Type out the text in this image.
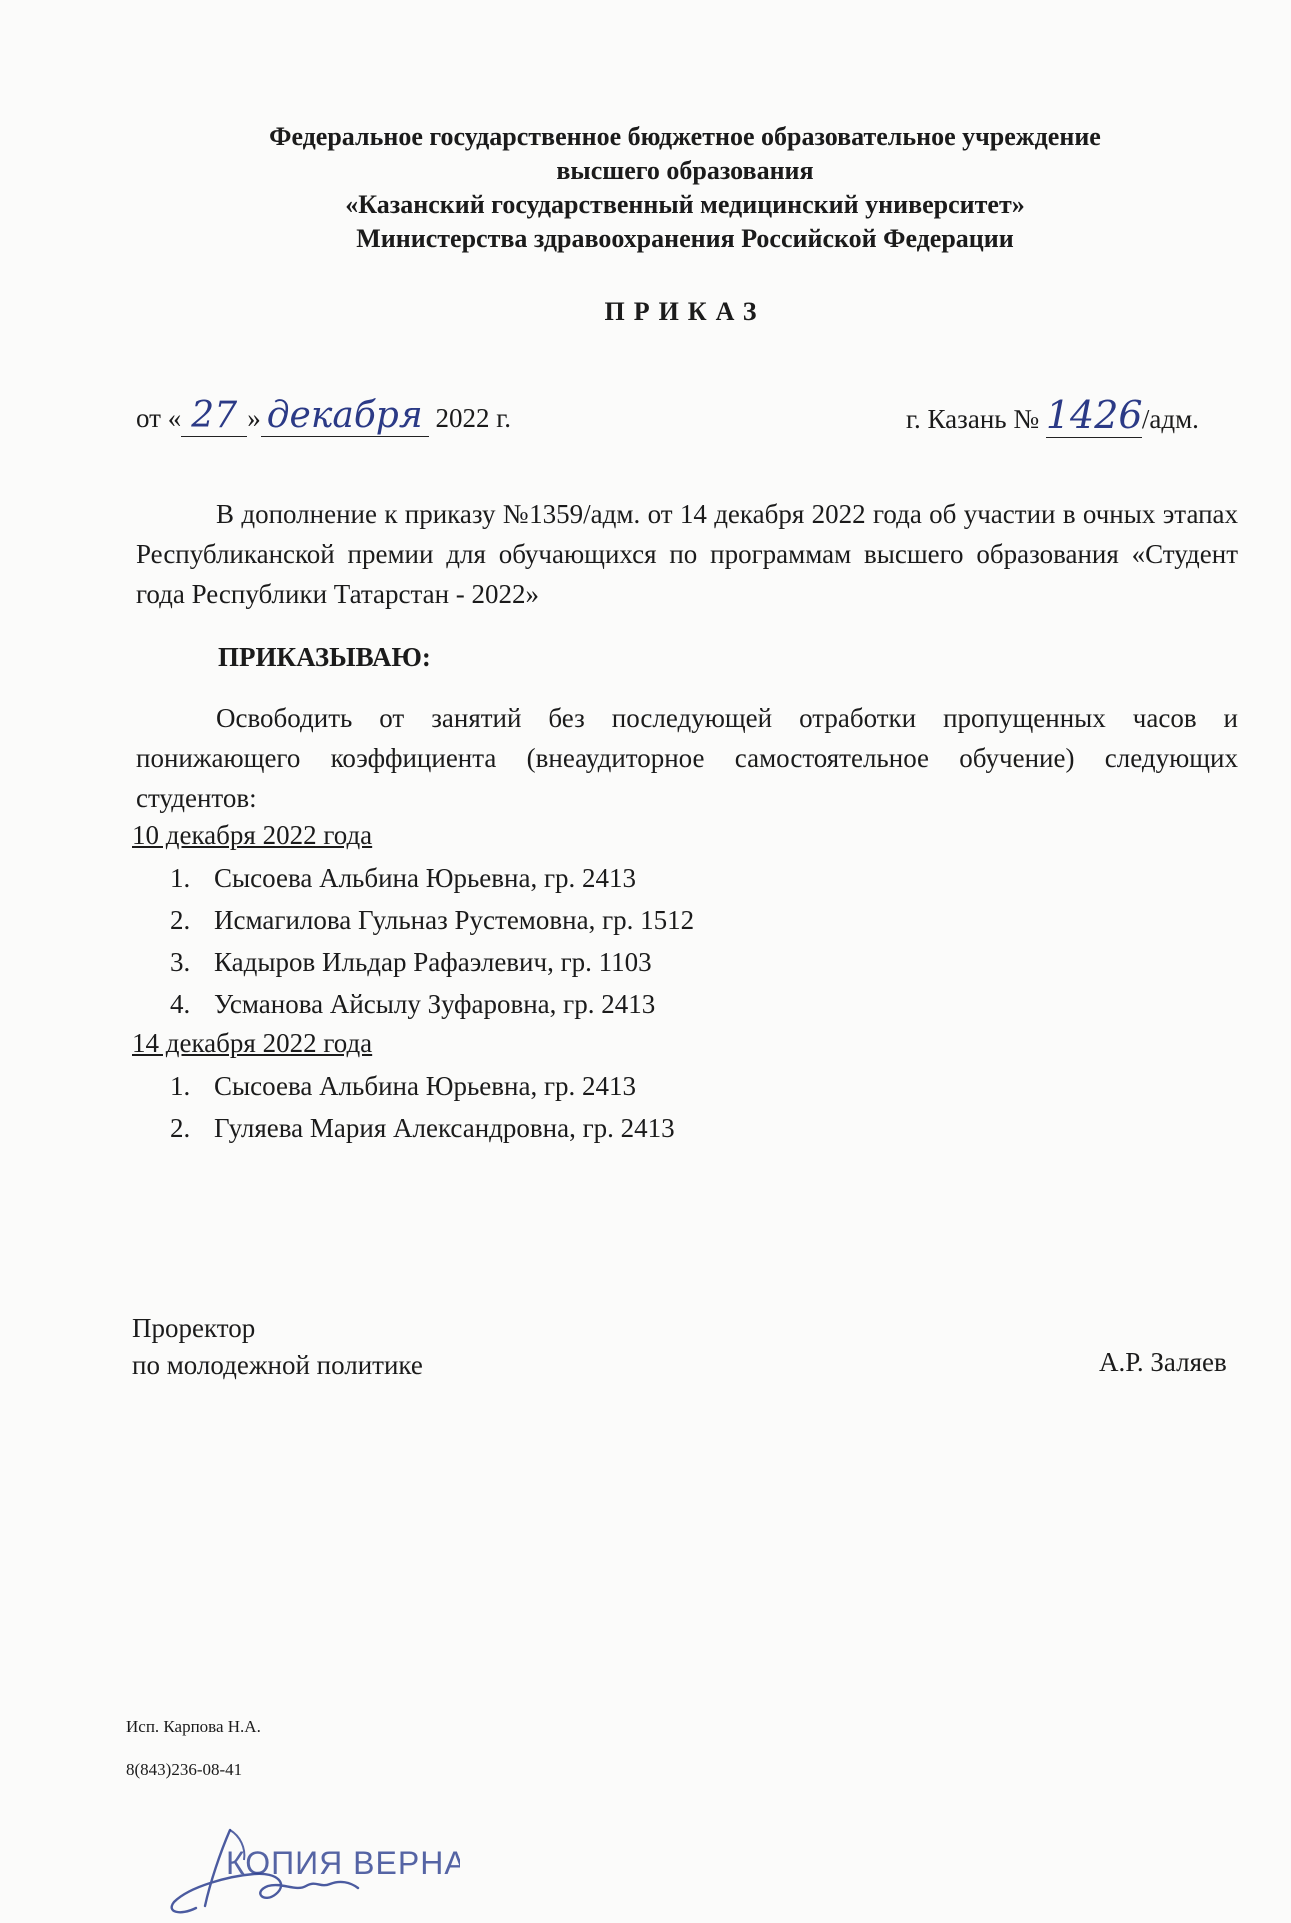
Федеральное государственное бюджетное образовательное учреждение
высшего образования
«Казанский государственный медицинский университет»
Министерства здравоохранения Российской Федерации
ПРИКАЗ
от « 27 » декабря 2022 г.	г. Казань № 1426/адм.
В дополнение к приказу №1359/адм. от 14 декабря 2022 года об участии в очных этапах Республиканской премии для обучающихся по программам высшего образования «Студент года Республики Татарстан - 2022»
ПРИКАЗЫВАЮ:
Освободить от занятий без последующей отработки пропущенных часов и понижающего коэффициента (внеаудиторное самостоятельное обучение) следующих студентов:
10 декабря 2022 года
1. Сысоева Альбина Юрьевна, гр. 2413
2. Исмагилова Гульназ Рустемовна, гр. 1512
3. Кадыров Ильдар Рафаэлевич, гр. 1103
4. Усманова Айсылу Зуфаровна, гр. 2413
14 декабря 2022 года
1. Сысоева Альбина Юрьевна, гр. 2413
2. Гуляева Мария Александровна, гр. 2413
Проректор
по молодежной политике	А.Р. Заляев
Исп. Карпова Н.А.
8(843)236-08-41
КОПИЯ ВЕРНА
